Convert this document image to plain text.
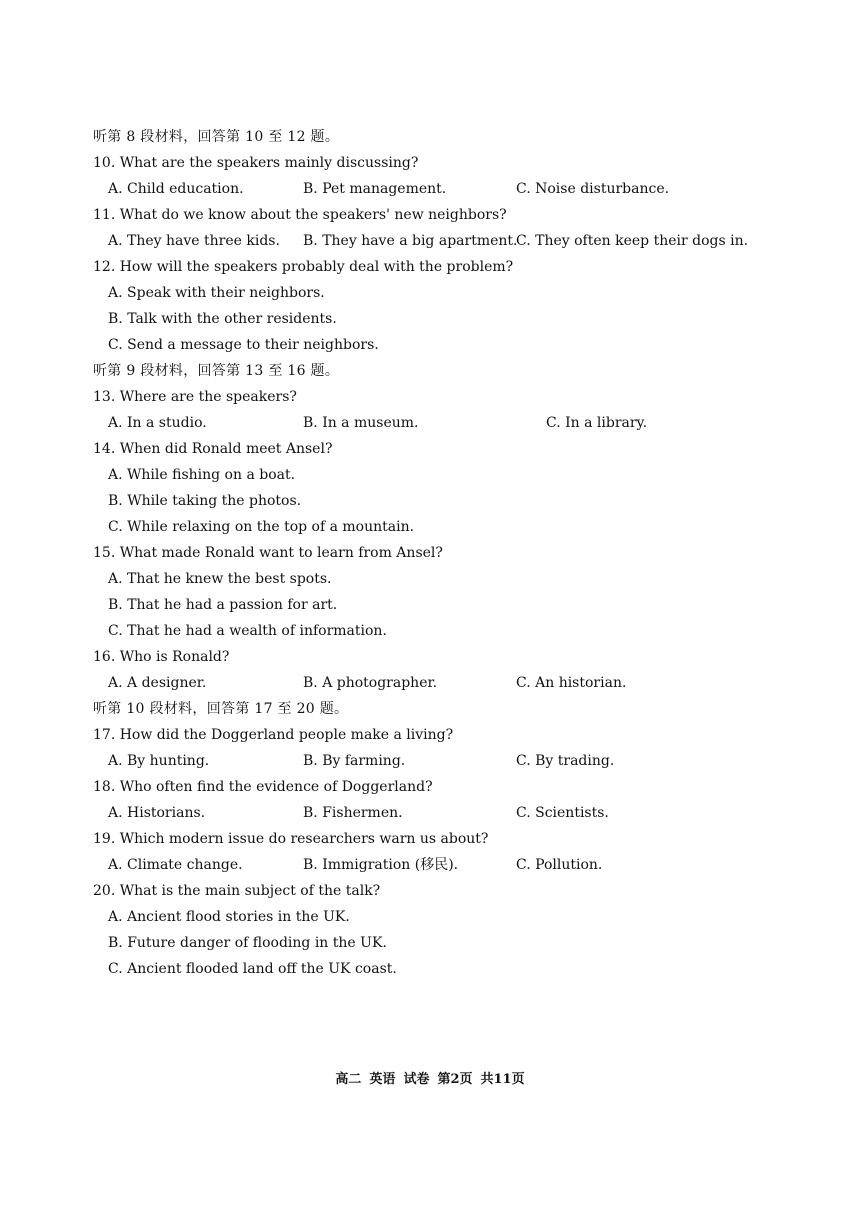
听第 8 段材料，回答第 10 至 12 题。
10. What are the speakers mainly discussing?
A. Child education.	B. Pet management.	C. Noise disturbance.
11. What do we know about the speakers' new neighbors?
A. They have three kids. B. They have a big apartment.
C. They often keep their dogs in.
12. How will the speakers probably deal with the problem?
A. Speak with their neighbors.
B. Talk with the other residents.
C. Send a message to their neighbors.
听第 9 段材料，回答第 13 至 16 题。
13. Where are the speakers?
A. In a studio.	B. In a museum.	C. In a library.
14. When did Ronald meet Ansel?
A. While fishing on a boat.
B. While taking the photos.
C. While relaxing on the top of a mountain.
15. What made Ronald want to learn from Ansel?
A. That he knew the best spots.
B. That he had a passion for art.
C. That he had a wealth of information.
16. Who is Ronald?
A. A designer.	B. A photographer.	C. An historian.
听第 10 段材料，回答第 17 至 20 题。
17. How did the Doggerland people make a living?
A. By hunting.	B. By farming.	C. By trading.
18. Who often find the evidence of Doggerland?
A. Historians.	B. Fishermen.	C. Scientists.
19. Which modern issue do researchers warn us about?
A. Climate change.	B. Immigration (移民).	C. Pollution.
20. What is the main subject of the talk?
A. Ancient flood stories in the UK.
B. Future danger of flooding in the UK.
C. Ancient flooded land off the UK coast.
高二 英语 试卷 第2页 共11页
